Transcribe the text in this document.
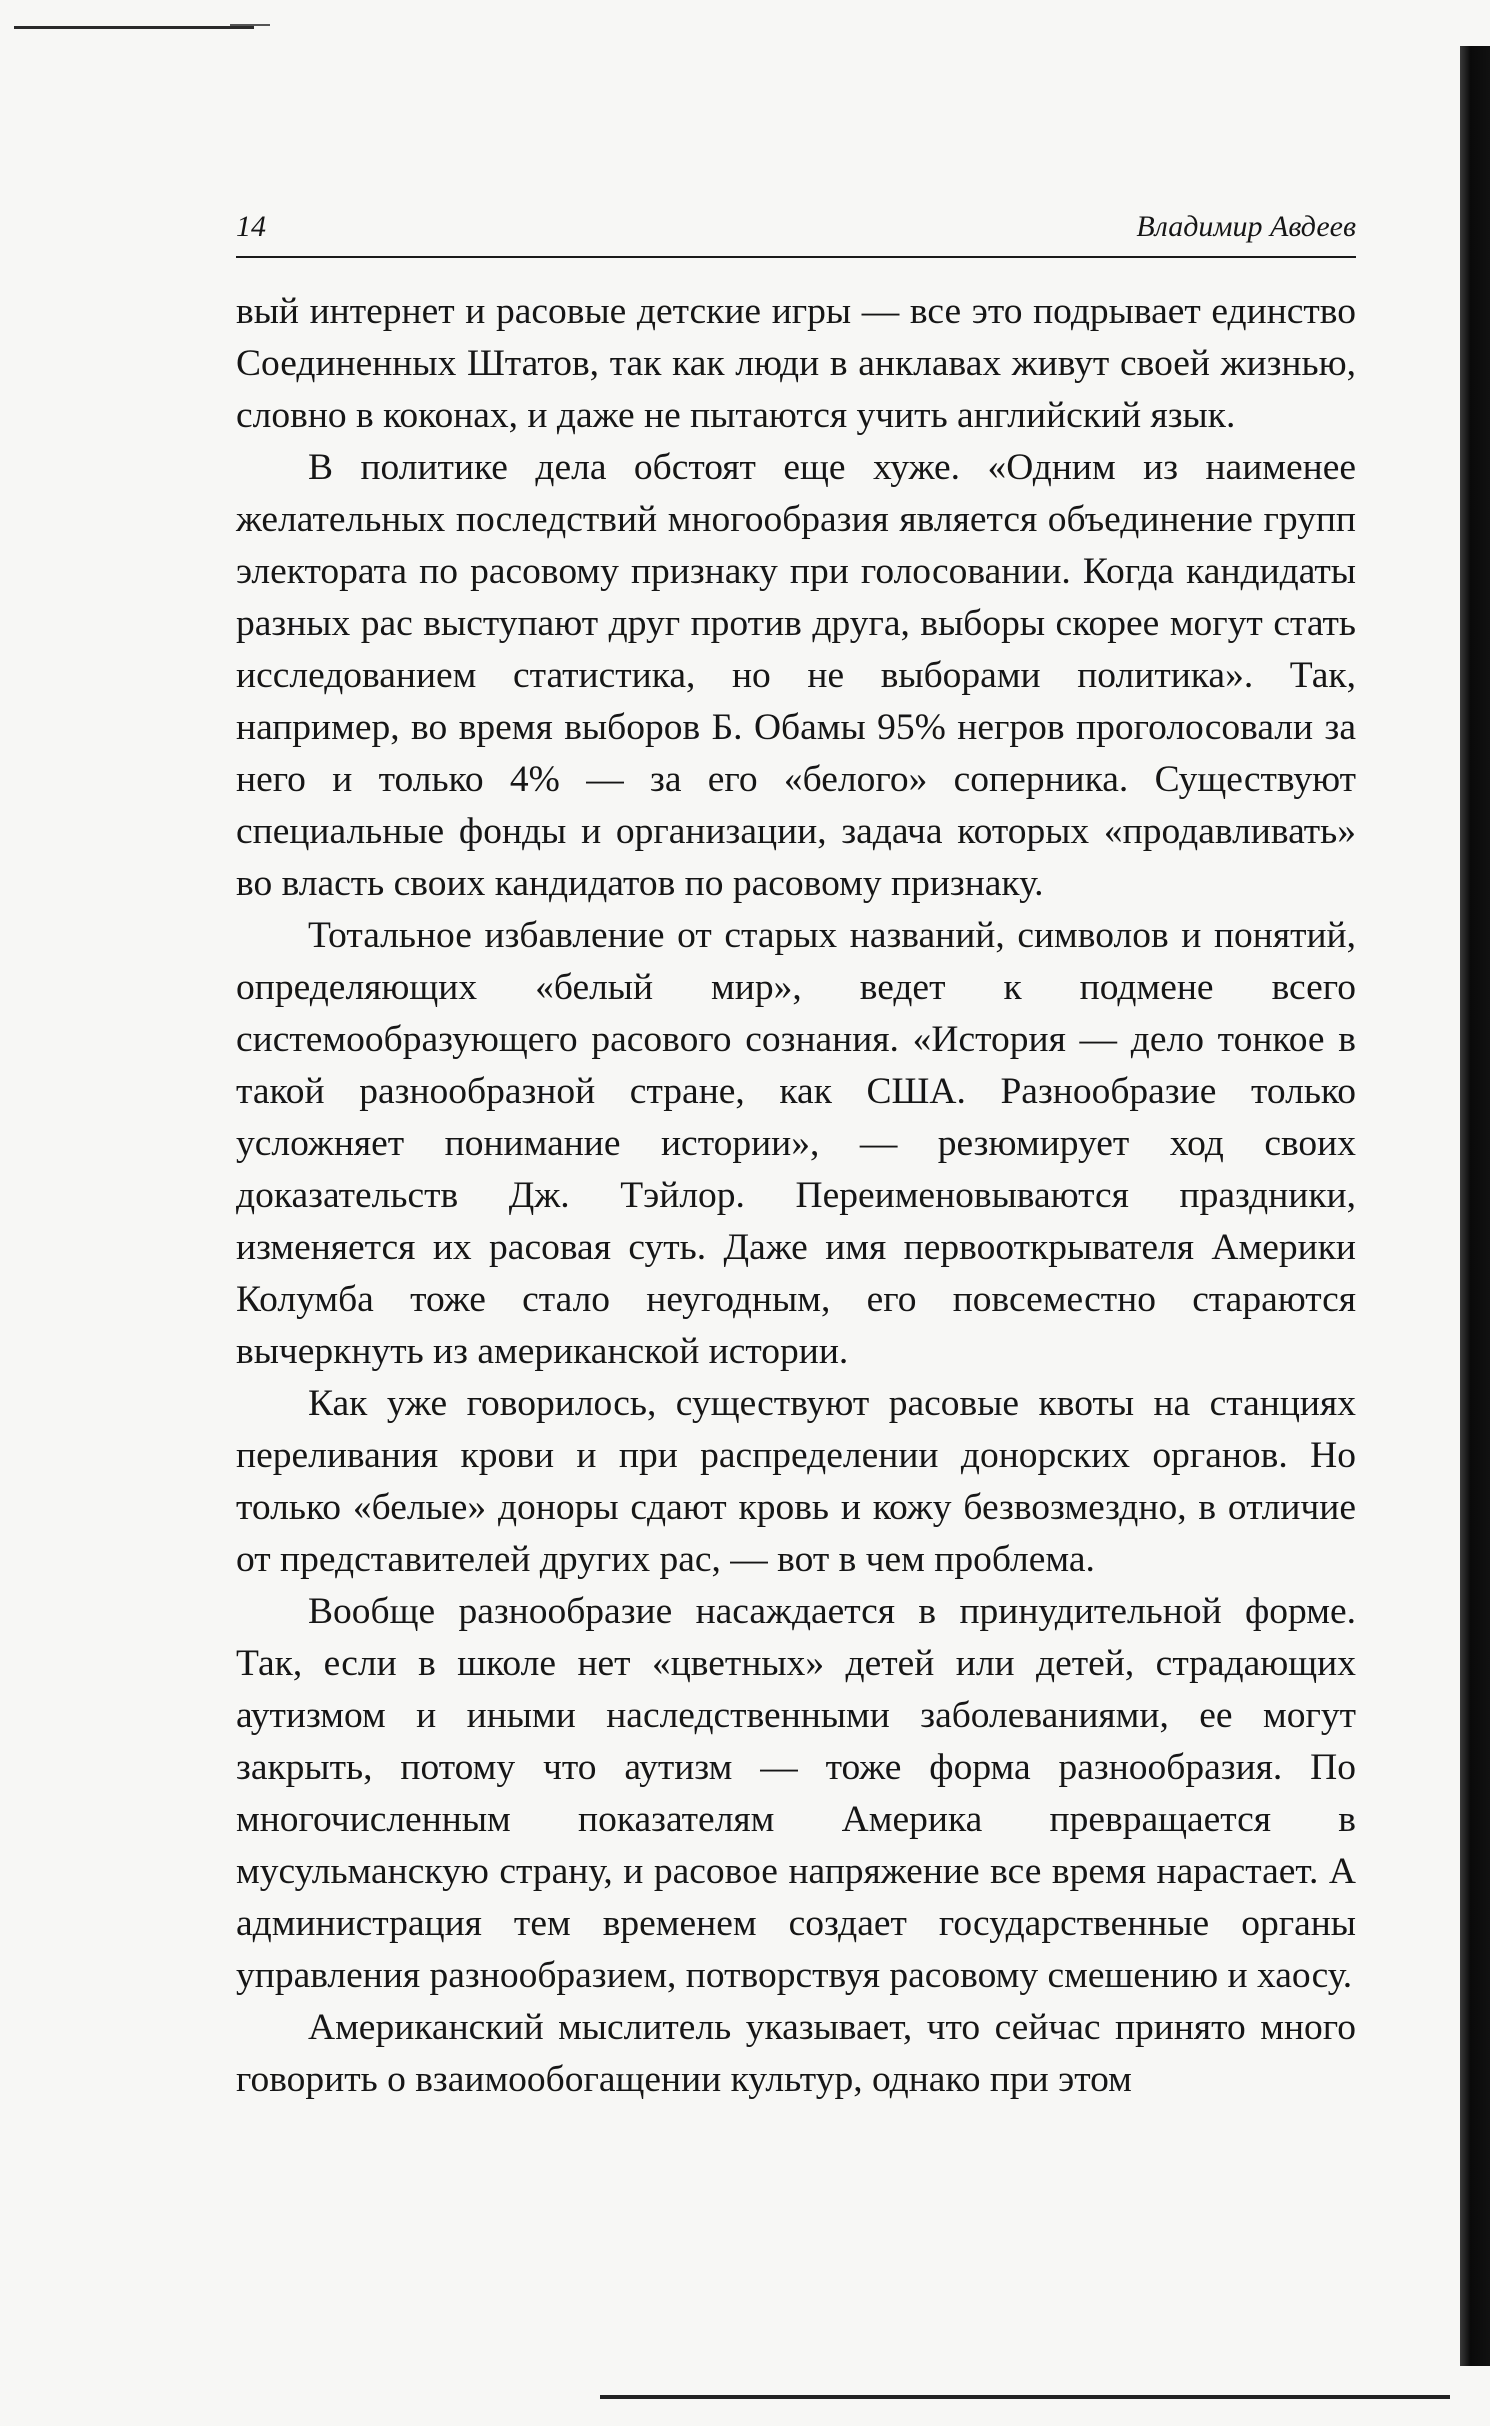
14	Владимир Авдеев

вый интернет и расовые детские игры — все это подрывает единство Соединенных Штатов, так как люди в анклавах живут своей жизнью, словно в коконах, и даже не пытаются учить английский язык.

В политике дела обстоят еще хуже. «Одним из наименее желательных последствий многообразия является объединение групп электората по расовому признаку при голосовании. Когда кандидаты разных рас выступают друг против друга, выборы скорее могут стать исследованием статистика, но не выборами политика». Так, например, во время выборов Б. Обамы 95% негров проголосовали за него и только 4% — за его «белого» соперника. Существуют специальные фонды и организации, задача которых «продавливать» во власть своих кандидатов по расовому признаку.

Тотальное избавление от старых названий, символов и понятий, определяющих «белый мир», ведет к подмене всего системообразующего расового сознания. «История — дело тонкое в такой разнообразной стране, как США. Разнообразие только усложняет понимание истории», — резюмирует ход своих доказательств Дж. Тэйлор. Переименовываются праздники, изменяется их расовая суть. Даже имя первооткрывателя Америки Колумба тоже стало неугодным, его повсеместно стараются вычеркнуть из американской истории.

Как уже говорилось, существуют расовые квоты на станциях переливания крови и при распределении донорских органов. Но только «белые» доноры сдают кровь и кожу безвозмездно, в отличие от представителей других рас, — вот в чем проблема.

Вообще разнообразие насаждается в принудительной форме. Так, если в школе нет «цветных» детей или детей, страдающих аутизмом и иными наследственными заболеваниями, ее могут закрыть, потому что аутизм — тоже форма разнообразия. По многочисленным показателям Америка превращается в мусульманскую страну, и расовое напряжение все время нарастает. А администрация тем временем создает государственные органы управления разнообразием, потворствуя расовому смешению и хаосу.

Американский мыслитель указывает, что сейчас принято много говорить о взаимообогащении культур, однако при этом
